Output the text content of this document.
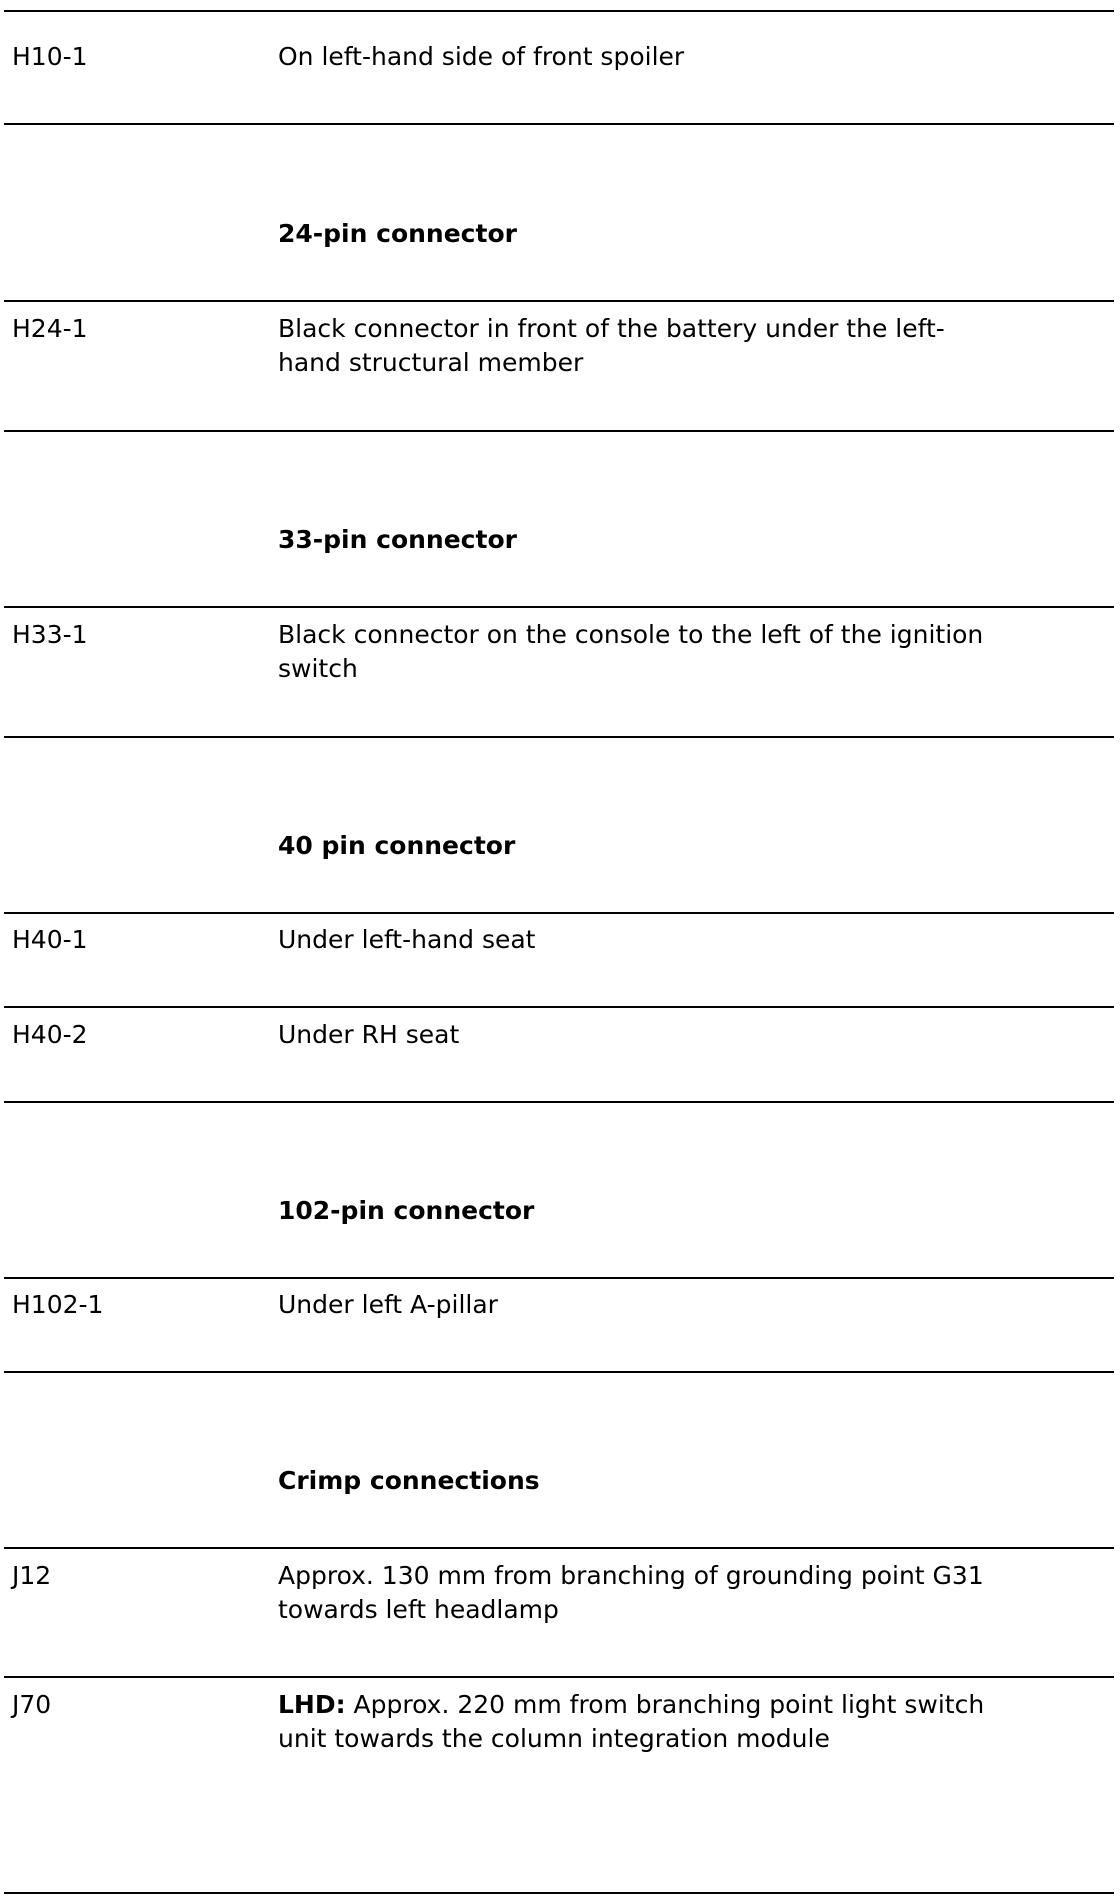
H10-1	On left-hand side of front spoiler
24-pin connector
H24-1	Black connector in front of the battery under the left-
hand structural member
33-pin connector
H33-1	Black connector on the console to the left of the ignition
switch
40 pin connector
H40-1	Under left-hand seat
H40-2	Under RH seat
102-pin connector
H102-1	Under left A-pillar
Crimp connections
J12	Approx. 130 mm from branching of grounding point G31
towards left headlamp
J70	LHD: Approx. 220 mm from branching point light switch
unit towards the column integration module
